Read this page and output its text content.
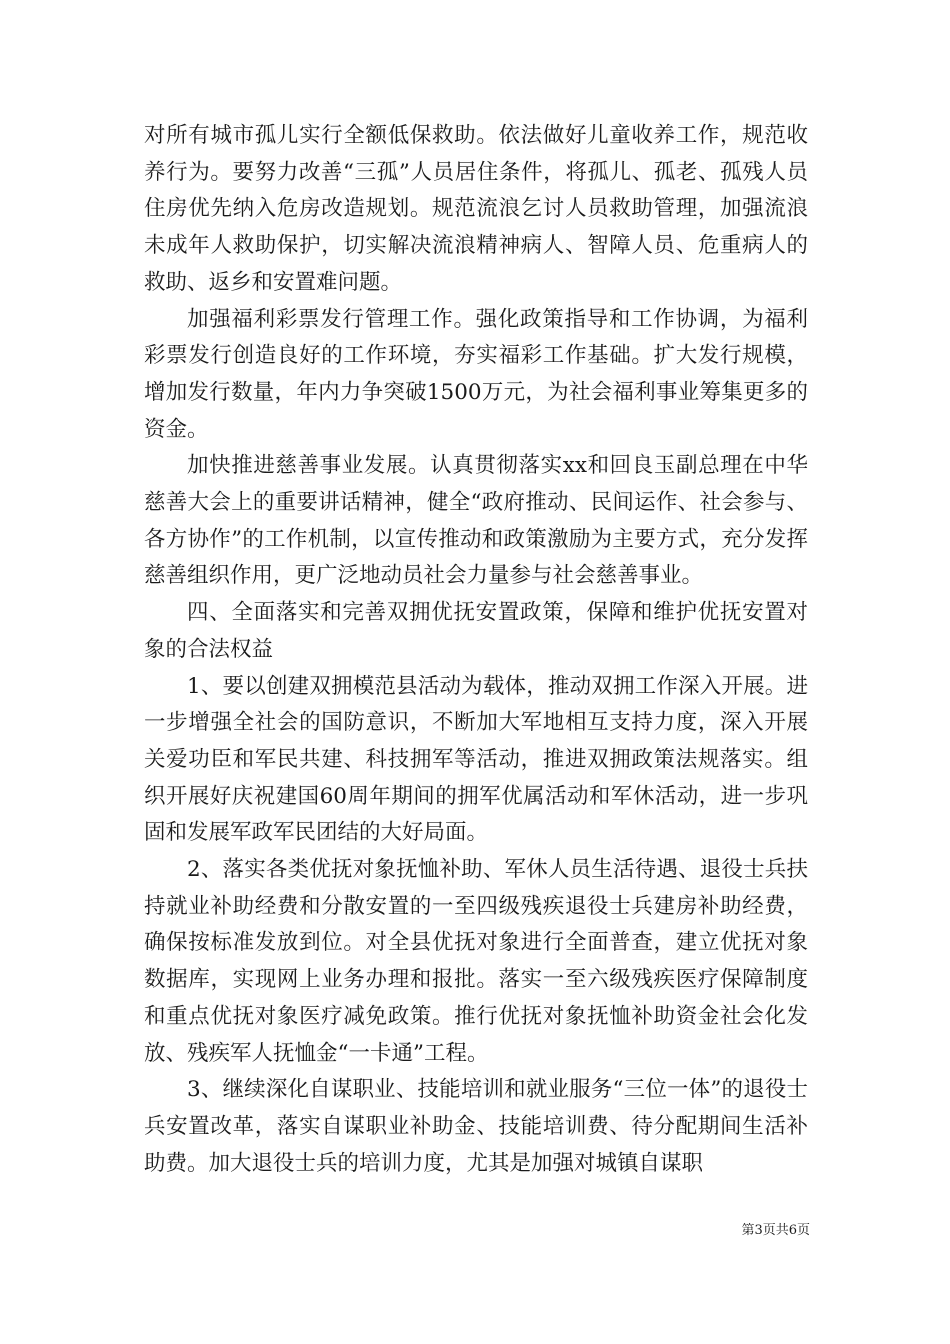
对所有城市孤儿实行全额低保救助。依法做好儿童收养工作，规范收养行为。要努力改善“三孤”人员居住条件，将孤儿、孤老、孤残人员住房优先纳入危房改造规划。规范流浪乞讨人员救助管理，加强流浪未成年人救助保护，切实解决流浪精神病人、智障人员、危重病人的救助、返乡和安置难问题。

加强福利彩票发行管理工作。强化政策指导和工作协调，为福利彩票发行创造良好的工作环境，夯实福彩工作基础。扩大发行规模，增加发行数量，年内力争突破1500万元，为社会福利事业筹集更多的资金。

加快推进慈善事业发展。认真贯彻落实xx和回良玉副总理在中华慈善大会上的重要讲话精神，健全“政府推动、民间运作、社会参与、各方协作”的工作机制，以宣传推动和政策激励为主要方式，充分发挥慈善组织作用，更广泛地动员社会力量参与社会慈善事业。

四、全面落实和完善双拥优抚安置政策，保障和维护优抚安置对象的合法权益

1、要以创建双拥模范县活动为载体，推动双拥工作深入开展。进一步增强全社会的国防意识，不断加大军地相互支持力度，深入开展关爱功臣和军民共建、科技拥军等活动，推进双拥政策法规落实。组织开展好庆祝建国60周年期间的拥军优属活动和军休活动，进一步巩固和发展军政军民团结的大好局面。

2、落实各类优抚对象抚恤补助、军休人员生活待遇、退役士兵扶持就业补助经费和分散安置的一至四级残疾退役士兵建房补助经费，确保按标准发放到位。对全县优抚对象进行全面普查，建立优抚对象数据库，实现网上业务办理和报批。落实一至六级残疾医疗保障制度和重点优抚对象医疗减免政策。推行优抚对象抚恤补助资金社会化发放、残疾军人抚恤金“一卡通”工程。

3、继续深化自谋职业、技能培训和就业服务“三位一体”的退役士兵安置改革，落实自谋职业补助金、技能培训费、待分配期间生活补助费。加大退役士兵的培训力度，尤其是加强对城镇自谋职

第3页共6页
